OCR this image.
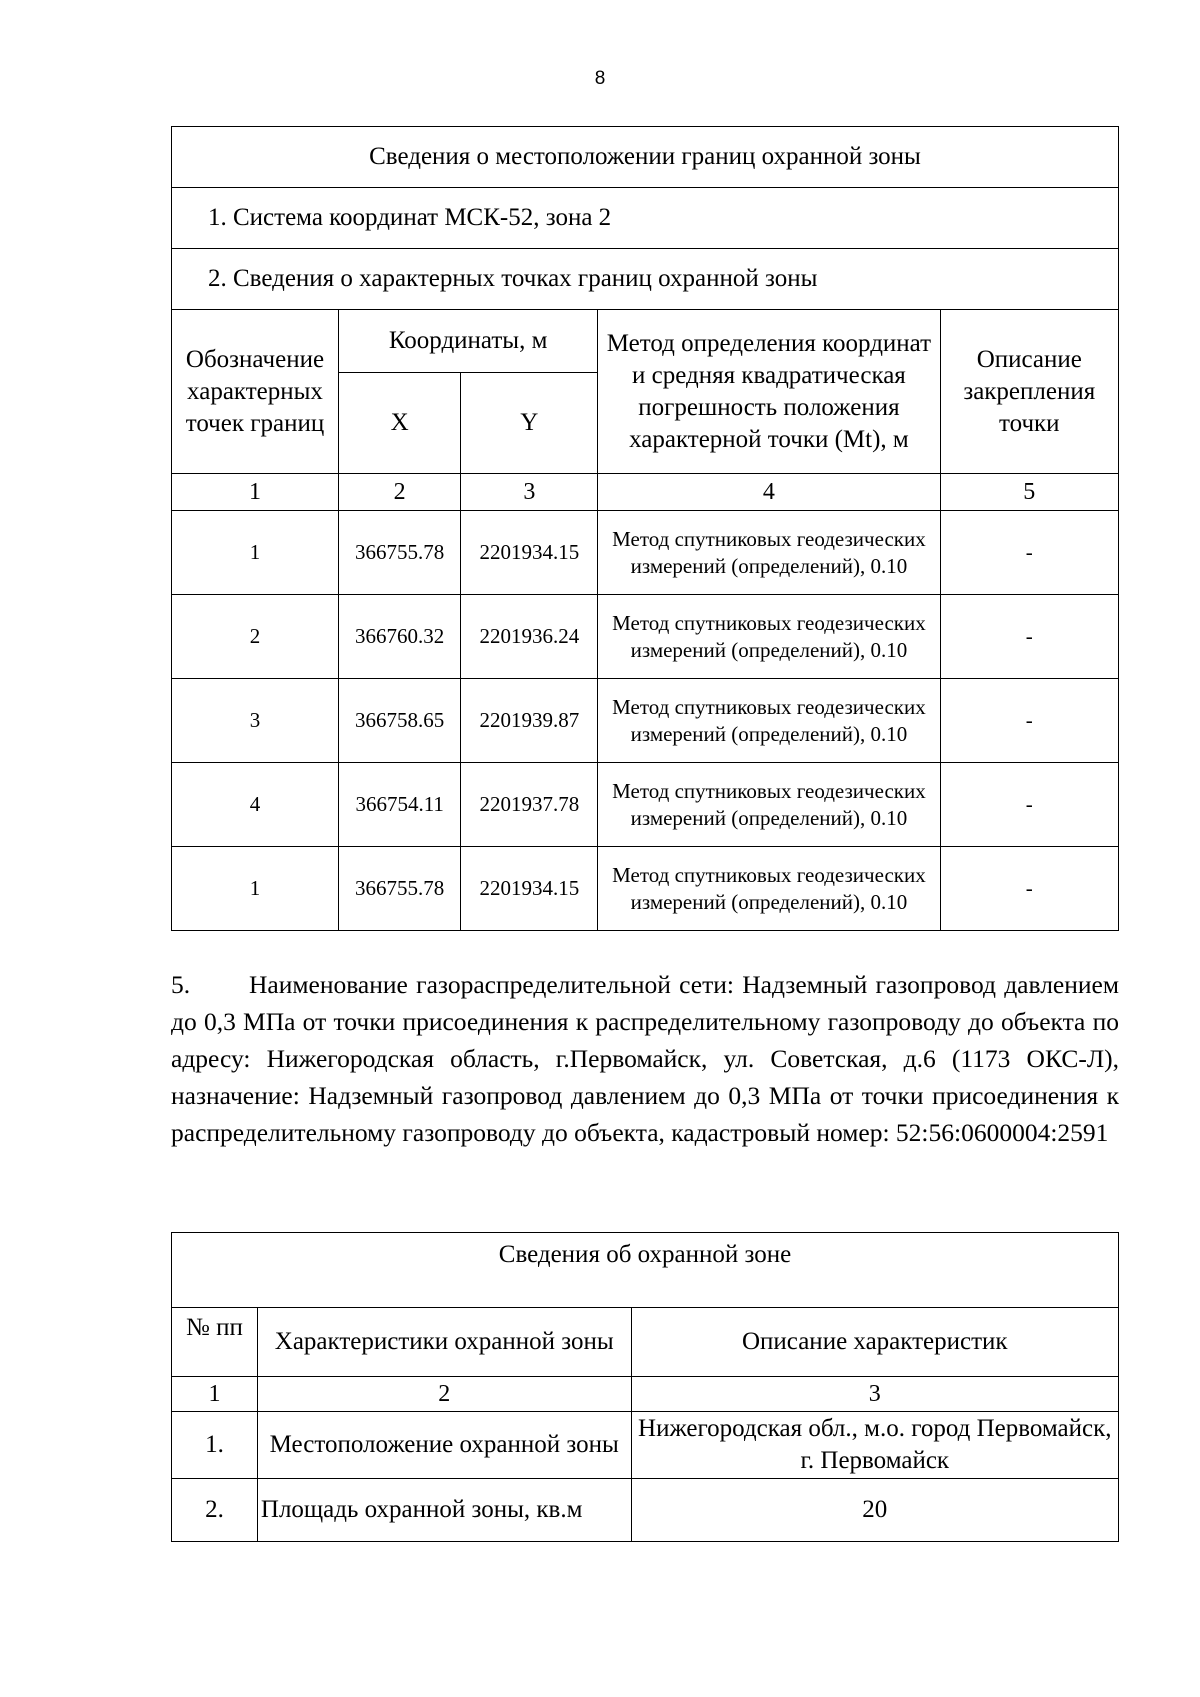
8
Сведения о местоположении границ охранной зоны				
1. Система координат МСК-52, зона 2				
2. Сведения о характерных точках границ охранной зоны				
Обозначение характерных точек границ	Координаты, м		Метод определения координат и средняя квадратическая погрешность положения характерной точки (Mt), м	Описание закрепления точки
	X	Y		
1	2	3	4	5
1	366755.78	2201934.15	Метод спутниковых геодезических измерений (определений), 0.10	-
2	366760.32	2201936.24	Метод спутниковых геодезических измерений (определений), 0.10	-
3	366758.65	2201939.87	Метод спутниковых геодезических измерений (определений), 0.10	-
4	366754.11	2201937.78	Метод спутниковых геодезических измерений (определений), 0.10	-
1	366755.78	2201934.15	Метод спутниковых геодезических измерений (определений), 0.10	-
5. Наименование газораспределительной сети: Надземный газопровод давлением до 0,3 МПа от точки присоединения к распределительному газопроводу до объекта по адресу: Нижегородская область, г.Первомайск, ул. Советская, д.6 (1173 ОКС-Л), назначение: Надземный газопровод давлением до 0,3 МПа от точки присоединения к распределительному газопроводу до объекта, кадастровый номер: 52:56:0600004:2591
Сведения об охранной зоне		
№ пп	Характеристики охранной зоны	Описание характеристик
1	2	3
1.	Местоположение охранной зоны	Нижегородская обл., м.о. город Первомайск, г. Первомайск
2.	Площадь охранной зоны, кв.м	20
